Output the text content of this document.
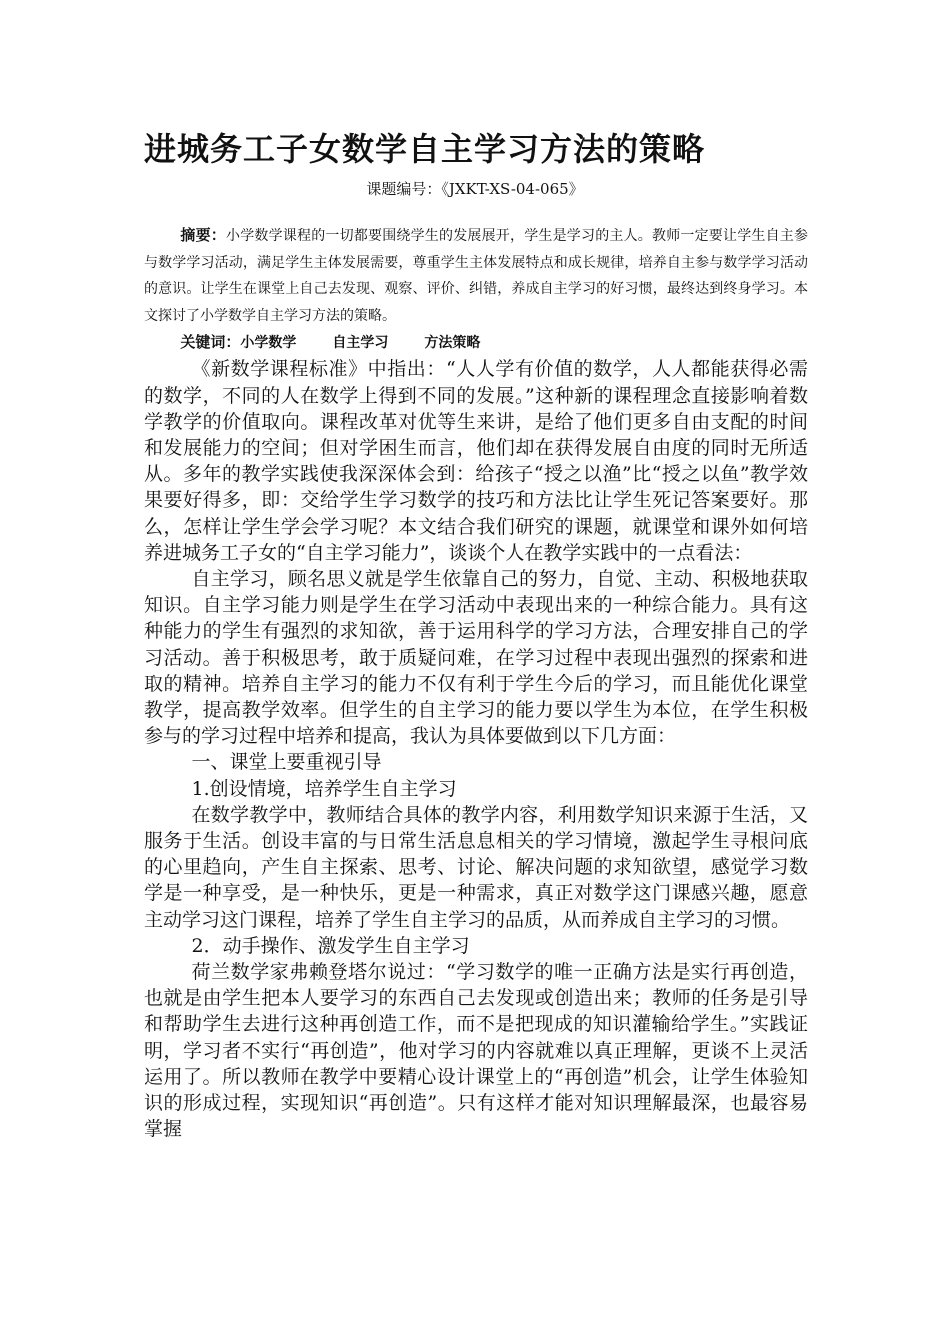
进城务工子女数学自主学习方法的策略
课题编号：《JXKT-XS-04-065》

摘要：小学数学课程的一切都要围绕学生的发展展开，学生是学习的主人。教师一定要让学生自主参与数学学习活动，满足学生主体发展需要，尊重学生主体发展特点和成长规律，培养自主参与数学学习活动的意识。让学生在课堂上自己去发现、观察、评价、纠错，养成自主学习的好习惯，最终达到终身学习。本文探讨了小学数学自主学习方法的策略。

关键词：小学数学	自主学习	方法策略

《新数学课程标准》中指出：“人人学有价值的数学，人人都能获得必需的数学，不同的人在数学上得到不同的发展。”这种新的课程理念直接影响着数学教学的价值取向。课程改革对优等生来讲，是给了他们更多自由支配的时间和发展能力的空间；但对学困生而言，他们却在获得发展自由度的同时无所适从。多年的教学实践使我深深体会到：给孩子“授之以渔”比“授之以鱼”教学效果要好得多，即：交给学生学习数学的技巧和方法比让学生死记答案要好。那么，怎样让学生学会学习呢？本文结合我们研究的课题，就课堂和课外如何培养进城务工子女的“自主学习能力”，谈谈个人在教学实践中的一点看法：

自主学习，顾名思义就是学生依靠自己的努力，自觉、主动、积极地获取知识。自主学习能力则是学生在学习活动中表现出来的一种综合能力。具有这种能力的学生有强烈的求知欲，善于运用科学的学习方法，合理安排自己的学习活动。善于积极思考，敢于质疑问难，在学习过程中表现出强烈的探索和进取的精神。培养自主学习的能力不仅有利于学生今后的学习，而且能优化课堂教学，提高教学效率。但学生的自主学习的能力要以学生为本位，在学生积极参与的学习过程中培养和提高，我认为具体要做到以下几方面：

一、课堂上要重视引导

1.创设情境，培养学生自主学习

在数学教学中，教师结合具体的教学内容，利用数学知识来源于生活，又服务于生活。创设丰富的与日常生活息息相关的学习情境，激起学生寻根问底的心里趋向，产生自主探索、思考、讨论、解决问题的求知欲望，感觉学习数学是一种享受，是一种快乐，更是一种需求，真正对数学这门课感兴趣，愿意主动学习这门课程，培养了学生自主学习的品质，从而养成自主学习的习惯。

2．动手操作、激发学生自主学习

荷兰数学家弗赖登塔尔说过：“学习数学的唯一正确方法是实行再创造，也就是由学生把本人要学习的东西自己去发现或创造出来；教师的任务是引导和帮助学生去进行这种再创造工作，而不是把现成的知识灌输给学生。”实践证明，学习者不实行“再创造”，他对学习的内容就难以真正理解，更谈不上灵活运用了。所以教师在教学中要精心设计课堂上的“再创造”机会，让学生体验知识的形成过程，实现知识“再创造”。只有这样才能对知识理解最深，也最容易掌握
